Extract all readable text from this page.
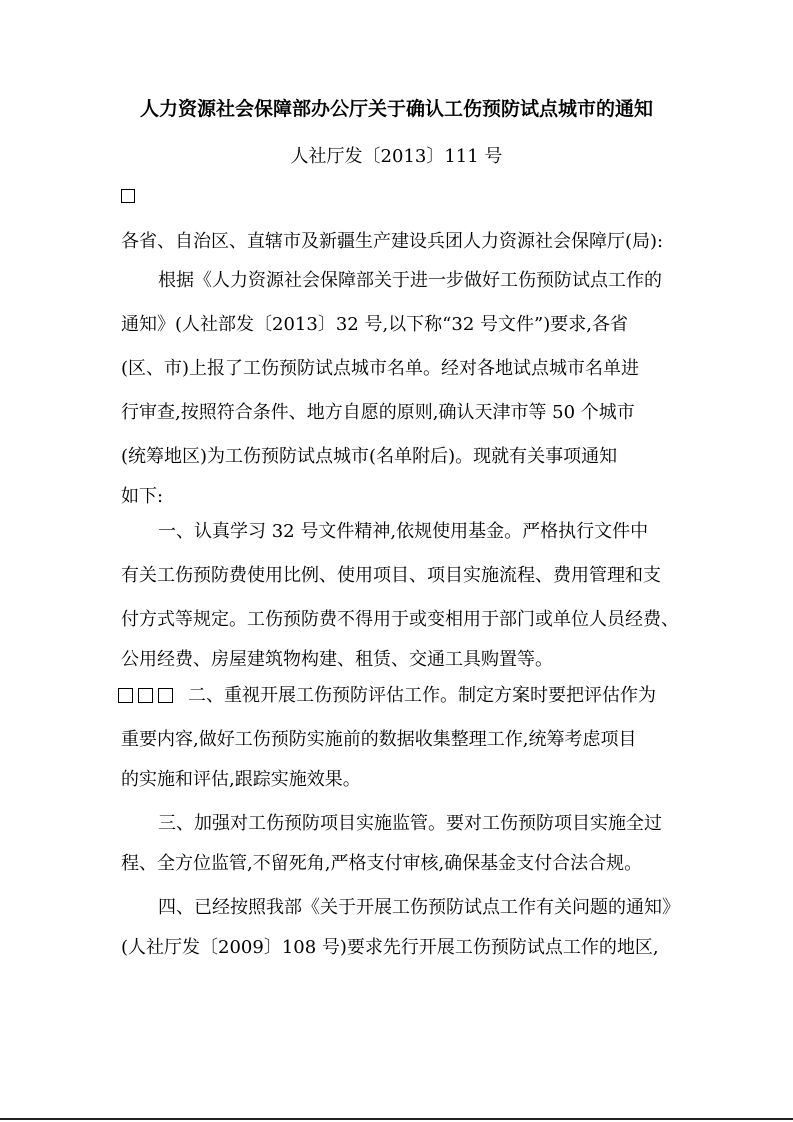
人力资源社会保障部办公厅关于确认工伤预防试点城市的通知
人社厅发〔2013〕111 号
各省、自治区、直辖市及新疆生产建设兵团人力资源社会保障厅(局):
根据《人力资源社会保障部关于进一步做好工伤预防试点工作的
通知》(人社部发〔2013〕32 号,以下称“32 号文件”)要求,各省
(区、市)上报了工伤预防试点城市名单。经对各地试点城市名单进
行审查,按照符合条件、地方自愿的原则,确认天津市等 50 个城市
(统筹地区)为工伤预防试点城市(名单附后)。现就有关事项通知
如下:
一、认真学习 32 号文件精神,依规使用基金。严格执行文件中
有关工伤预防费使用比例、使用项目、项目实施流程、费用管理和支
付方式等规定。工伤预防费不得用于或变相用于部门或单位人员经费、
公用经费、房屋建筑物构建、租赁、交通工具购置等。
二、重视开展工伤预防评估工作。制定方案时要把评估作为
重要内容,做好工伤预防实施前的数据收集整理工作,统筹考虑项目
的实施和评估,跟踪实施效果。
三、加强对工伤预防项目实施监管。要对工伤预防项目实施全过
程、全方位监管,不留死角,严格支付审核,确保基金支付合法合规。
四、已经按照我部《关于开展工伤预防试点工作有关问题的通知》
(人社厅发〔2009〕108 号)要求先行开展工伤预防试点工作的地区,
